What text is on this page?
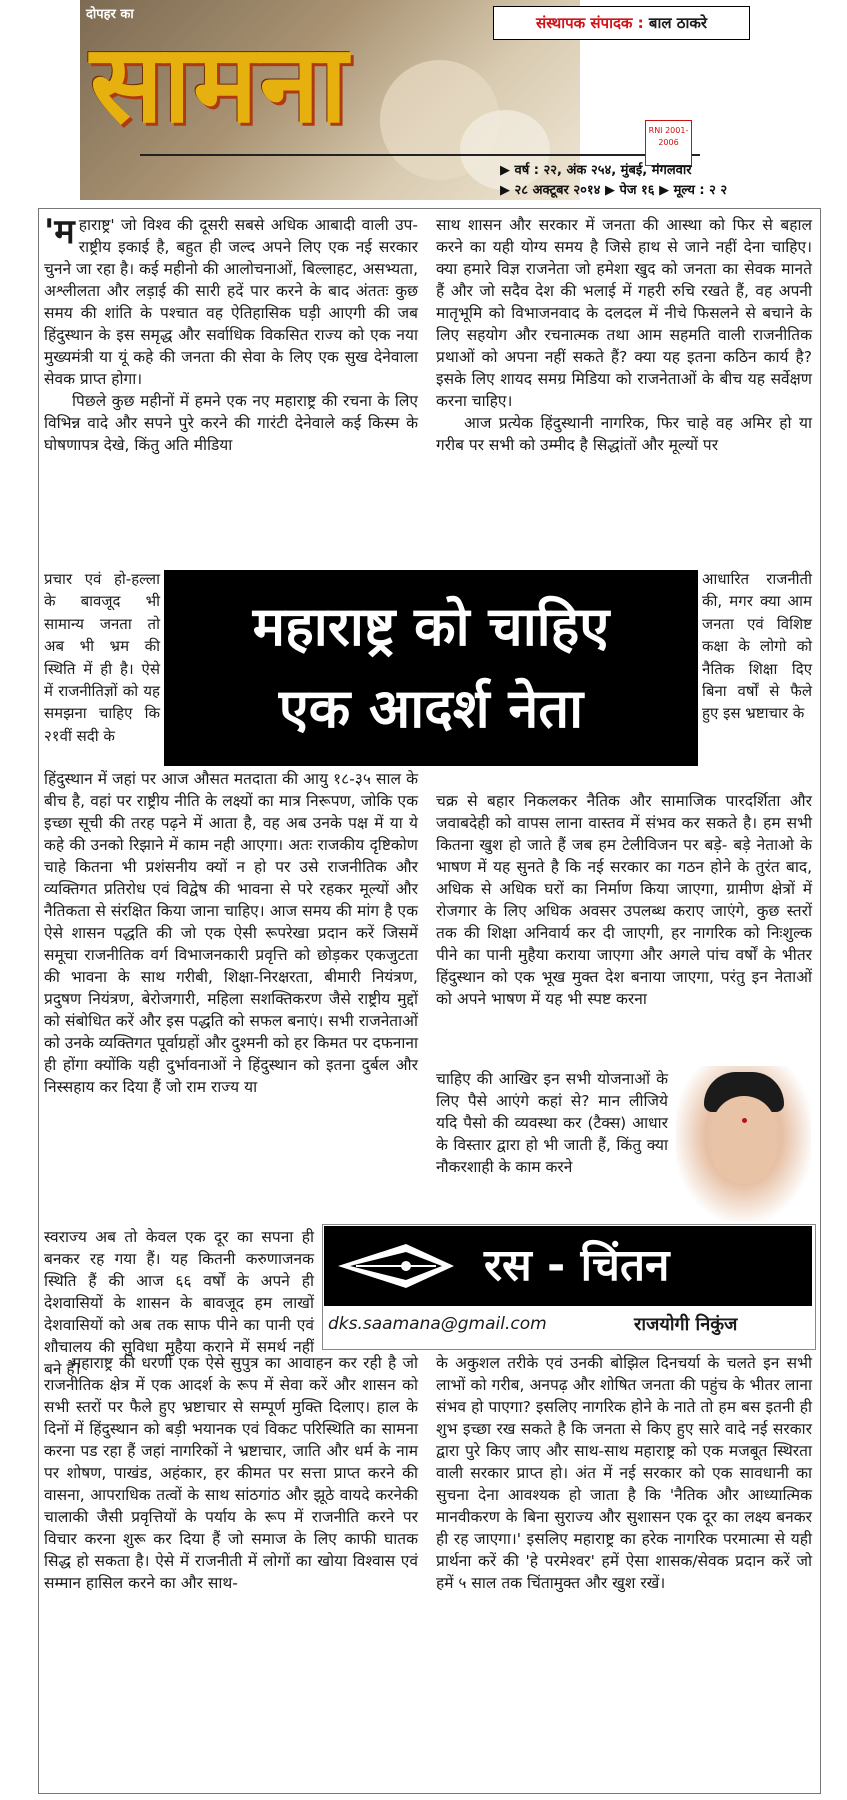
दोपहर का
सामना	संस्थापक संपादक : बाल ठाकरे
RNI 2001-2006
▶ वर्ष : २२, अंक २५४, मुंबई, मंगलवार
▶ २८ अक्टूबर २०१४ ▶ पेज १६ ▶ मूल्य : २ २

'महाराष्ट्र' जो विश्व की दूसरी सबसे अधिक आबादी वाली उप-राष्ट्रीय इकाई है, बहुत ही जल्द अपने लिए एक नई सरकार चुनने जा रहा है। कई महीनो की आलोचनाओं, बिल्लाहट, असभ्यता, अश्लीलता और लड़ाई की सारी हदें पार करने के बाद अंततः कुछ समय की शांति के पश्चात वह ऐतिहासिक घड़ी आएगी की जब हिंदुस्थान के इस समृद्ध और सर्वाधिक विकसित राज्य को एक नया मुख्यमंत्री या यूं कहे की जनता की सेवा के लिए एक सुख देनेवाला सेवक प्राप्त होगा।

पिछले कुछ महीनों में हमने एक नए महाराष्ट्र की रचना के लिए विभिन्न वादे और सपने पुरे करने की गारंटी देनेवाले कई किस्म के घोषणापत्र देखे, किंतु अति मीडिया

प्रचार एवं हो-हल्ला के बावजूद भी सामान्य जनता तो अब भी भ्रम की स्थिति में ही है। ऐसे में राजनीतिज्ञों को यह समझना चाहिए कि २१वीं सदी के
हिंदुस्थान में जहां पर आज औसत मतदाता की आयु १८-३५ साल के बीच है, वहां पर राष्ट्रीय नीति के लक्ष्यों का मात्र निरूपण, जोकि एक इच्छा सूची की तरह पढ़ने में आता है, वह अब उनके पक्ष में या ये कहे की उनको रिझाने में काम नही आएगा। अतः राजकीय दृष्टिकोण चाहे कितना भी प्रशंसनीय क्यों न हो पर उसे राजनीतिक और व्यक्तिगत प्रतिरोध एवं विद्वेष की भावना से परे रहकर मूल्यों और नैतिकता से संरक्षित किया जाना चाहिए। आज समय की मांग है एक ऐसे शासन पद्धति की जो एक ऐसी रूपरेखा प्रदान करें जिसमें समूचा राजनीतिक वर्ग विभाजनकारी प्रवृत्ति को छोड़कर एकजुटता की भावना के साथ गरीबी, शिक्षा-निरक्षरता, बीमारी नियंत्रण, प्रदुषण नियंत्रण, बेरोजगारी, महिला सशक्तिकरण जैसे राष्ट्रीय मुद्दों को संबोधित करें और इस पद्धति को सफल बनाएं। सभी राजनेताओं को उनके व्यक्तिगत पूर्वाग्रहों और दुश्मनी को हर किमत पर दफनाना ही होंगा क्योंकि यही दुर्भावनाओं ने हिंदुस्थान को इतना दुर्बल और निस्सहाय कर दिया हैं जो राम राज्य या
स्वराज्य अब तो केवल एक दूर का सपना ही बनकर रह गया हैं। यह कितनी करुणाजनक स्थिति हैं की आज ६६ वर्षों के अपने ही देशवासियों के शासन के बावजूद हम लाखों देशवासियों को अब तक साफ पीने का पानी एवं शौचालय की सुविधा मुहैया कराने में समर्थ नहीं बने हैं।

महाराष्ट्र की धरणी एक ऐसे सुपुत्र का आवाहन कर रही है जो राजनीतिक क्षेत्र में एक आदर्श के रूप में सेवा करें और शासन को सभी स्तरों पर फैले हुए भ्रष्टाचार से सम्पूर्ण मुक्ति दिलाए। हाल के दिनों में हिंदुस्थान को बड़ी भयानक एवं विकट परिस्थिति का सामना करना पड रहा हैं जहां नागरिकों ने भ्रष्टाचार, जाति और धर्म के नाम पर शोषण, पाखंड, अहंकार, हर कीमत पर सत्ता प्राप्त करने की वासना, आपराधिक तत्वों के साथ सांठगांठ और झूठे वायदे करनेकी चालाकी जैसी प्रवृत्तियों के पर्याय के रूप में राजनीति करने पर विचार करना शुरू कर दिया हैं जो समाज के लिए काफी घातक सिद्ध हो सकता है। ऐसे में राजनीती में लोगों का खोया विश्वास एवं सम्मान हासिल करने का और साथ-

साथ शासन और सरकार में जनता की आस्था को फिर से बहाल करने का यही योग्य समय है जिसे हाथ से जाने नहीं देना चाहिए। क्या हमारे विज्ञ राजनेता जो हमेशा खुद को जनता का सेवक मानते हैं और जो सदैव देश की भलाई में गहरी रुचि रखते हैं, वह अपनी मातृभूमि को विभाजनवाद के दलदल में नीचे फिसलने से बचाने के लिए सहयोग और रचनात्मक तथा आम सहमति वाली राजनीतिक प्रथाओं को अपना नहीं सकते हैं? क्या यह इतना कठिन कार्य है? इसके लिए शायद समग्र मिडिया को राजनेताओं के बीच यह सर्वेक्षण करना चाहिए।

आज प्रत्येक हिंदुस्थानी नागरिक, फिर चाहे वह अमिर हो या गरीब पर सभी को उम्मीद है सिद्धांतों और मूल्यों पर

आधारित राजनीती की, मगर क्या आम जनता एवं विशिष्ट कक्षा के लोगो को नैतिक शिक्षा दिए बिना वर्षों से फैले हुए इस भ्रष्टाचार के
चक्र से बहार निकलकर नैतिक और सामाजिक पारदर्शिता और जवाबदेही को वापस लाना वास्तव में संभव कर सकते है। हम सभी कितना खुश हो जाते हैं जब हम टेलीविजन पर बड़े- बड़े नेताओ के भाषण में यह सुनते है कि नई सरकार का गठन होने के तुरंत बाद, अधिक से अधिक घरों का निर्माण किया जाएगा, ग्रामीण क्षेत्रों में रोजगार के लिए अधिक अवसर उपलब्ध कराए जाएंगे, कुछ स्तरों तक की शिक्षा अनिवार्य कर दी जाएगी, हर नागरिक को निःशुल्क पीने का पानी मुहैया कराया जाएगा और अगले पांच वर्षों के भीतर हिंदुस्थान को एक भूख मुक्त देश बनाया जाएगा, परंतु इन नेताओं को अपने भाषण में यह भी स्पष्ट करना
चाहिए की आखिर इन सभी योजनाओं के लिए पैसे आएंगे कहां से? मान लीजिये यदि पैसो की व्यवस्था कर (टैक्स) आधार के विस्तार द्वारा हो भी जाती हैं, किंतु क्या नौकरशाही के काम करने
के अकुशल तरीके एवं उनकी बोझिल दिनचर्या के चलते इन सभी लाभों को गरीब, अनपढ़ और शोषित जनता की पहुंच के भीतर लाना संभव हो पाएगा? इसलिए नागरिक होने के नाते तो हम बस इतनी ही शुभ इच्छा रख सकते है कि जनता से किए हुए सारे वादे नई सरकार द्वारा पुरे किए जाए और साथ-साथ महाराष्ट्र को एक मजबूत स्थिरता वाली सरकार प्राप्त हो। अंत में नई सरकार को एक सावधानी का सुचना देना आवश्यक हो जाता है कि 'नैतिक और आध्यात्मिक मानवीकरण के बिना सुराज्य और सुशासन एक दूर का लक्ष्य बनकर ही रह जाएगा।' इसलिए महाराष्ट्र का हरेक नागरिक परमात्मा से यही प्रार्थना करें की 'हे परमेश्वर' हमें ऐसा शासक/सेवक प्रदान करें जो हमें ५ साल तक चिंतामुक्त और खुश रखें।
महाराष्ट्र को चाहिए
एक आदर्श नेता
रस - चिंतन
dks.saamana@gmail.com	राजयोगी निकुंज
